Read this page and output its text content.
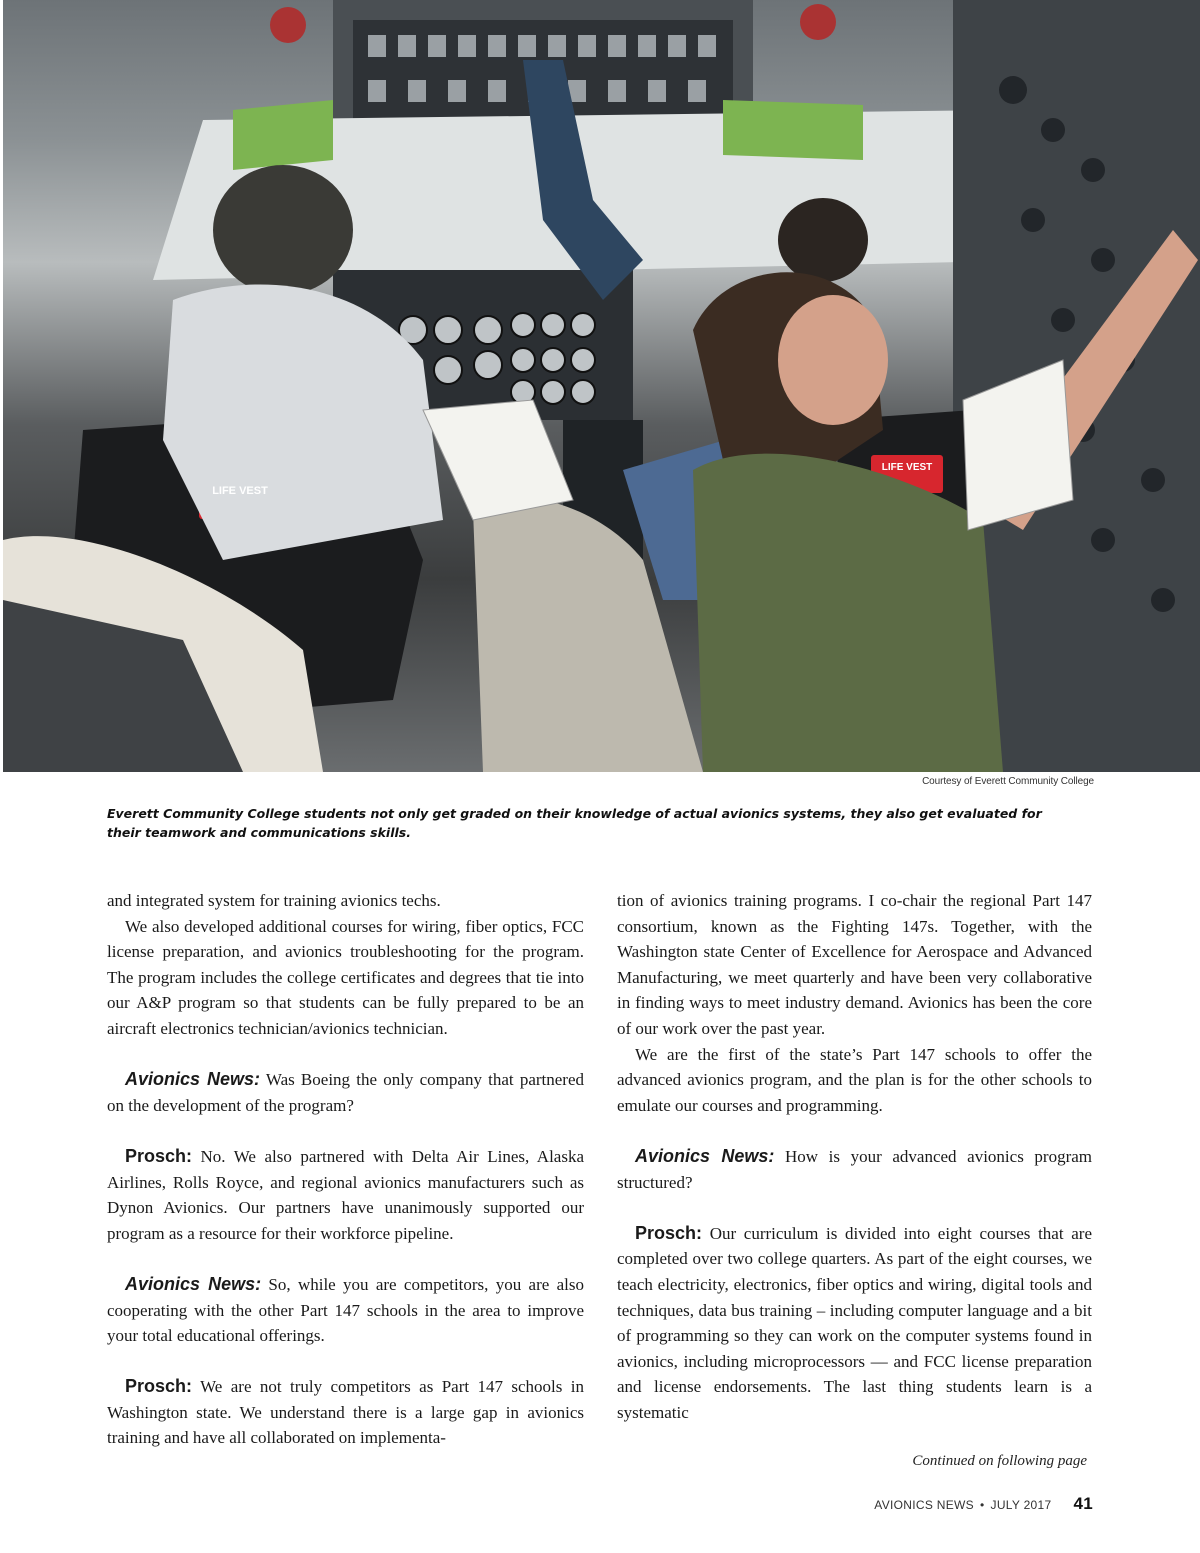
LIFE VEST
LIFE VEST
Courtesy of Everett Community College
Everett Community College students not only get graded on their knowledge of actual avionics systems, they also get evaluated for their teamwork and communications skills.

and integrated system for training avionics techs.

We also developed additional courses for wiring, fiber optics, FCC license preparation, and avionics troubleshooting for the program. The program includes the college certificates and degrees that tie into our A&P program so that students can be fully prepared to be an aircraft electronics technician/avionics technician.

Avionics News: Was Boeing the only company that partnered on the development of the program?

Prosch: No. We also partnered with Delta Air Lines, Alaska Airlines, Rolls Royce, and regional avionics manufacturers such as Dynon Avionics. Our partners have unanimously supported our program as a resource for their workforce pipeline.

Avionics News: So, while you are competitors, you are also cooperating with the other Part 147 schools in the area to improve your total educational offerings.

Prosch: We are not truly competitors as Part 147 schools in Washington state. We understand there is a large gap in avionics training and have all collaborated on implementa-

tion of avionics training programs. I co-chair the regional Part 147 consortium, known as the Fighting 147s. Together, with the Washington state Center of Excellence for Aerospace and Advanced Manufacturing, we meet quarterly and have been very collaborative in finding ways to meet industry demand. Avionics has been the core of our work over the past year.

We are the first of the state’s Part 147 schools to offer the advanced avionics program, and the plan is for the other schools to emulate our courses and programming.

Avionics News: How is your advanced avionics program structured?

Prosch: Our curriculum is divided into eight courses that are completed over two college quarters. As part of the eight courses, we teach electricity, electronics, fiber optics and wiring, digital tools and techniques, data bus training – including computer language and a bit of programming so they can work on the computer systems found in avionics, including microprocessors — and FCC license preparation and license endorsements. The last thing students learn is a systematic

Continued on following page
AVIONICS NEWS • JULY 2017 41
